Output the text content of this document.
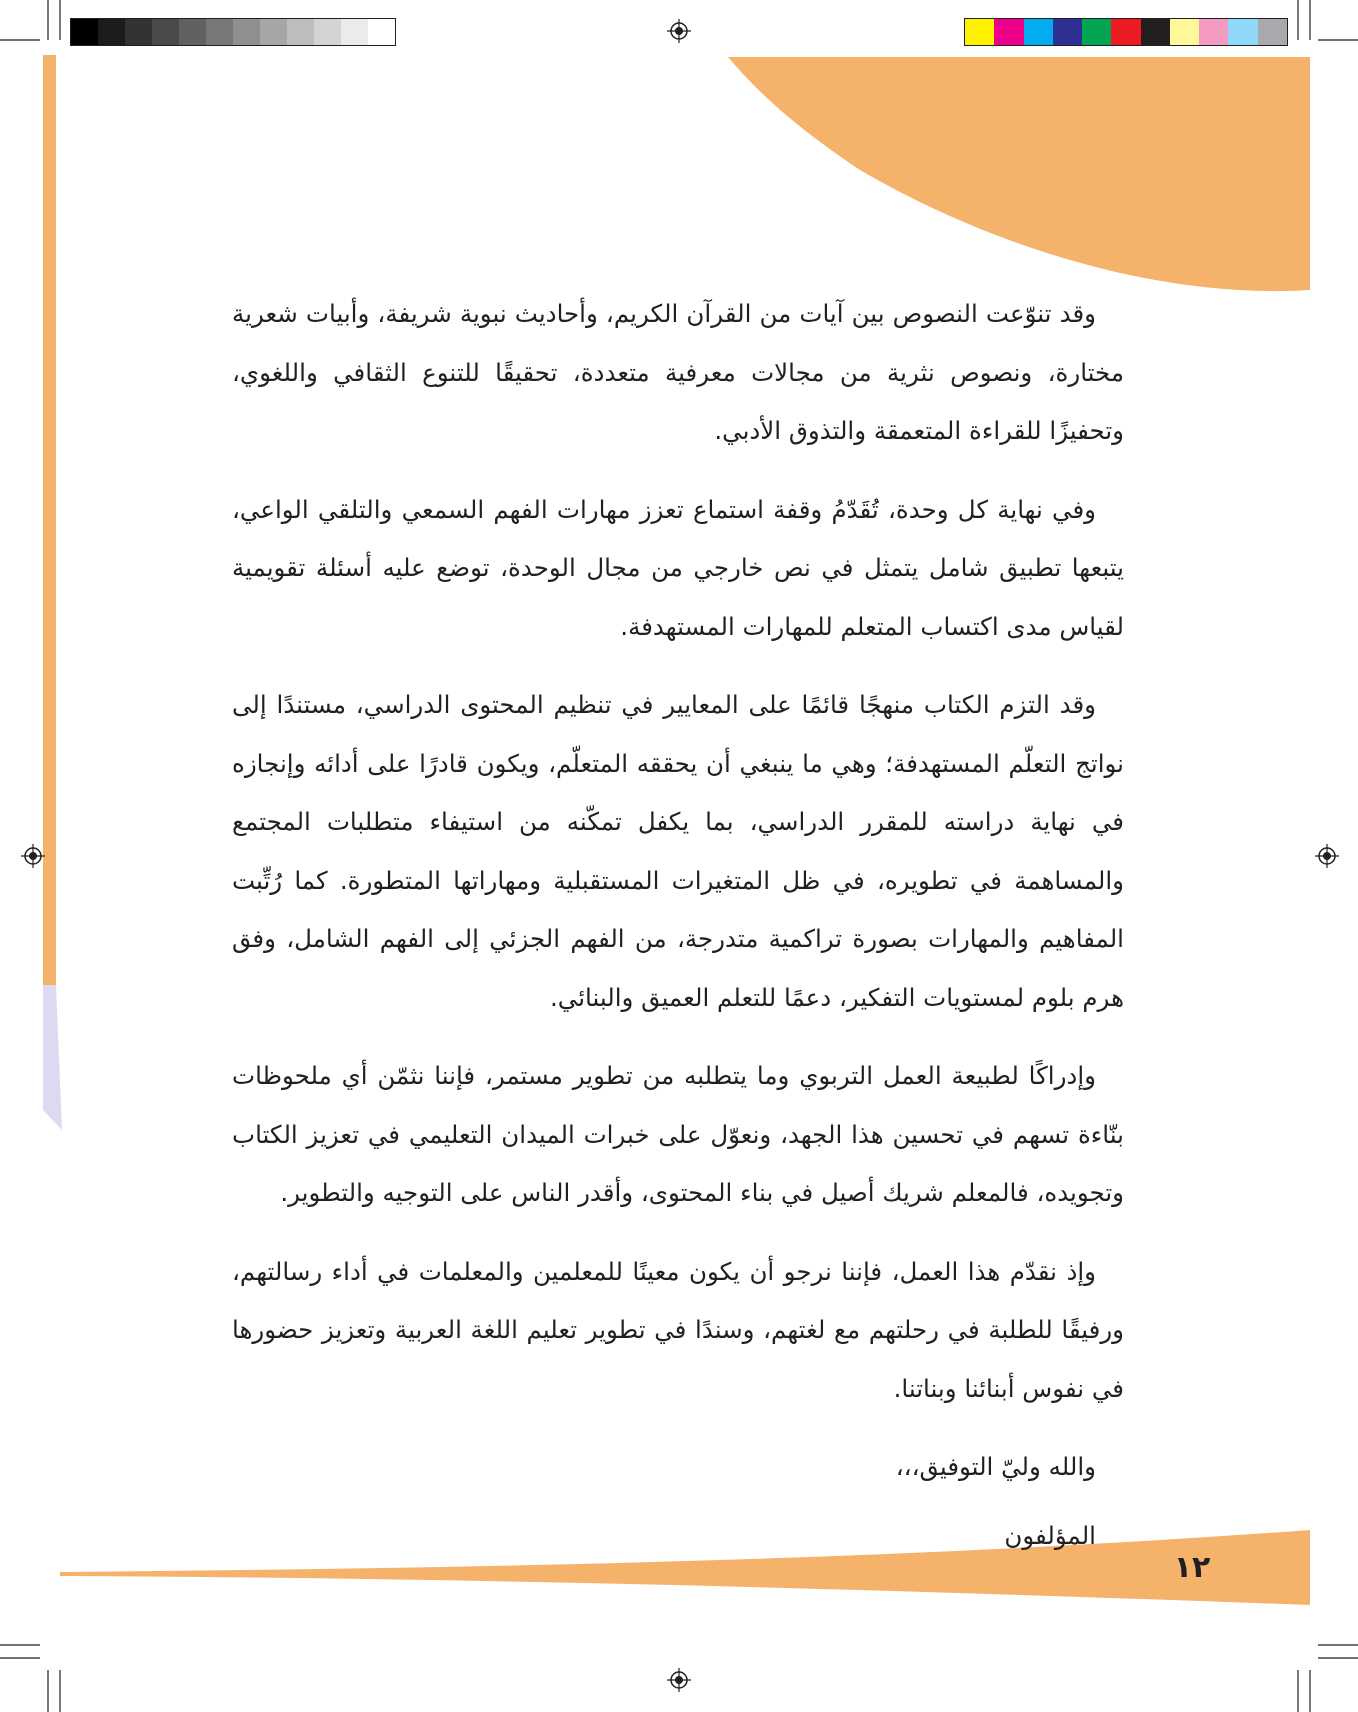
وقد تنوّعت النصوص بين آيات من القرآن الكريم، وأحاديث نبوية شريفة، وأبيات شعرية مختارة، ونصوص نثرية من مجالات معرفية متعددة، تحقيقًا للتنوع الثقافي واللغوي، وتحفيزًا للقراءة المتعمقة والتذوق الأدبي.

وفي نهاية كل وحدة، تُقَدّمُ وقفة استماع تعزز مهارات الفهم السمعي والتلقي الواعي، يتبعها تطبيق شامل يتمثل في نص خارجي من مجال الوحدة، توضع عليه أسئلة تقويمية لقياس مدى اكتساب المتعلم للمهارات المستهدفة.

وقد التزم الكتاب منهجًا قائمًا على المعايير في تنظيم المحتوى الدراسي، مستندًا إلى نواتج التعلّم المستهدفة؛ وهي ما ينبغي أن يحققه المتعلّم، ويكون قادرًا على أدائه وإنجازه في نهاية دراسته للمقرر الدراسي، بما يكفل تمكّنه من استيفاء متطلبات المجتمع والمساهمة في تطويره، في ظل المتغيرات المستقبلية ومهاراتها المتطورة. كما رُتِّبت المفاهيم والمهارات بصورة تراكمية متدرجة، من الفهم الجزئي إلى الفهم الشامل، وفق هرم بلوم لمستويات التفكير، دعمًا للتعلم العميق والبنائي.

وإدراكًا لطبيعة العمل التربوي وما يتطلبه من تطوير مستمر، فإننا نثمّن أي ملحوظات بنّاءة تسهم في تحسين هذا الجهد، ونعوّل على خبرات الميدان التعليمي في تعزيز الكتاب وتجويده، فالمعلم شريك أصيل في بناء المحتوى، وأقدر الناس على التوجيه والتطوير.

وإذ نقدّم هذا العمل، فإننا نرجو أن يكون معينًا للمعلمين والمعلمات في أداء رسالتهم، ورفيقًا للطلبة في رحلتهم مع لغتهم، وسندًا في تطوير تعليم اللغة العربية وتعزيز حضورها في نفوس أبنائنا وبناتنا.

والله وليّ التوفيق،،،

المؤلفون

١٢
